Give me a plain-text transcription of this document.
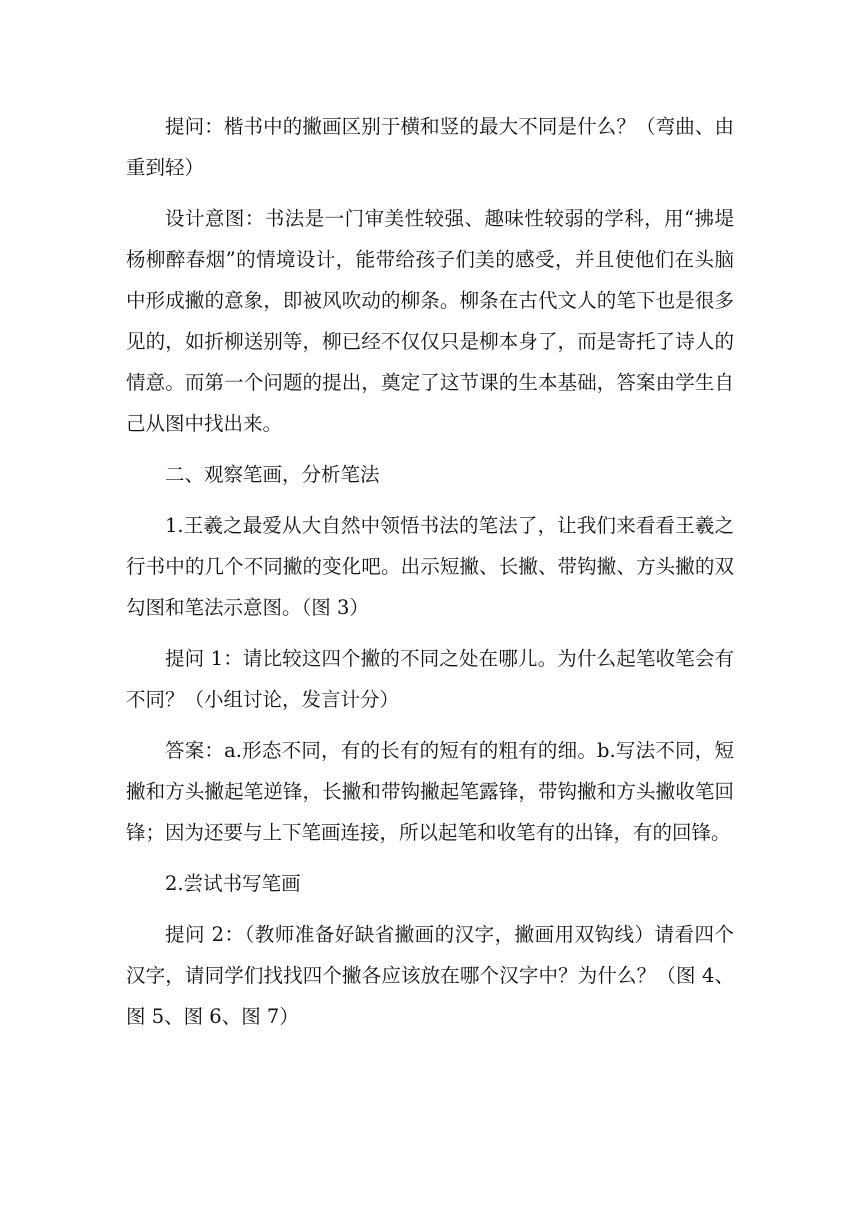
提问：楷书中的撇画区别于横和竖的最大不同是什么？（弯曲、由重到轻）

设计意图：书法是一门审美性较强、趣味性较弱的学科，用“拂堤杨柳醉春烟”的情境设计，能带给孩子们美的感受，并且使他们在头脑中形成撇的意象，即被风吹动的柳条。柳条在古代文人的笔下也是很多见的，如折柳送别等，柳已经不仅仅只是柳本身了，而是寄托了诗人的情意。而第一个问题的提出，奠定了这节课的生本基础，答案由学生自己从图中找出来。

二、观察笔画，分析笔法

1.王羲之最爱从大自然中领悟书法的笔法了，让我们来看看王羲之行书中的几个不同撇的变化吧。出示短撇、长撇、带钩撇、方头撇的双勾图和笔法示意图。（图 3）

提问 1：请比较这四个撇的不同之处在哪儿。为什么起笔收笔会有不同？（小组讨论，发言计分）

答案：a.形态不同，有的长有的短有的粗有的细。b.写法不同，短撇和方头撇起笔逆锋，长撇和带钩撇起笔露锋，带钩撇和方头撇收笔回锋；因为还要与上下笔画连接，所以起笔和收笔有的出锋，有的回锋。

2.尝试书写笔画

提问 2：（教师准备好缺省撇画的汉字，撇画用双钩线）请看四个汉字，请同学们找找四个撇各应该放在哪个汉字中？为什么？（图 4、图 5、图 6、图 7）
